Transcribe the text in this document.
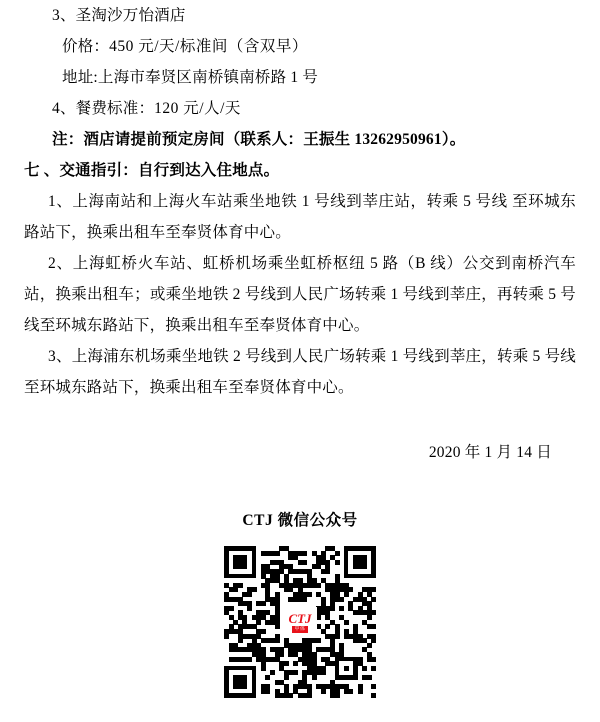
3、圣淘沙万怡酒店
价格：450 元/天/标准间（含双早）
地址:上海市奉贤区南桥镇南桥路 1 号
4、餐费标准：120 元/人/天
注：酒店请提前预定房间（联系人：王振生 13262950961）。
七 、交通指引：自行到达入住地点。
1、上海南站和上海火车站乘坐地铁 1 号线到莘庄站，转乘 5 号线 至环城东路站下，换乘出租车至奉贤体育中心。
2、上海虹桥火车站、虹桥机场乘坐虹桥枢纽 5 路（B 线）公交到南桥汽车站，换乘出租车；或乘坐地铁 2 号线到人民广场转乘 1 号线到莘庄，再转乘 5 号线至环城东路站下，换乘出租车至奉贤体育中心。
3、上海浦东机场乘坐地铁 2 号线到人民广场转乘 1 号线到莘庄，转乘 5 号线至环城东路站下，换乘出租车至奉贤体育中心。
2020 年 1 月 14 日
CTJ 微信公众号
CTJ
中体
